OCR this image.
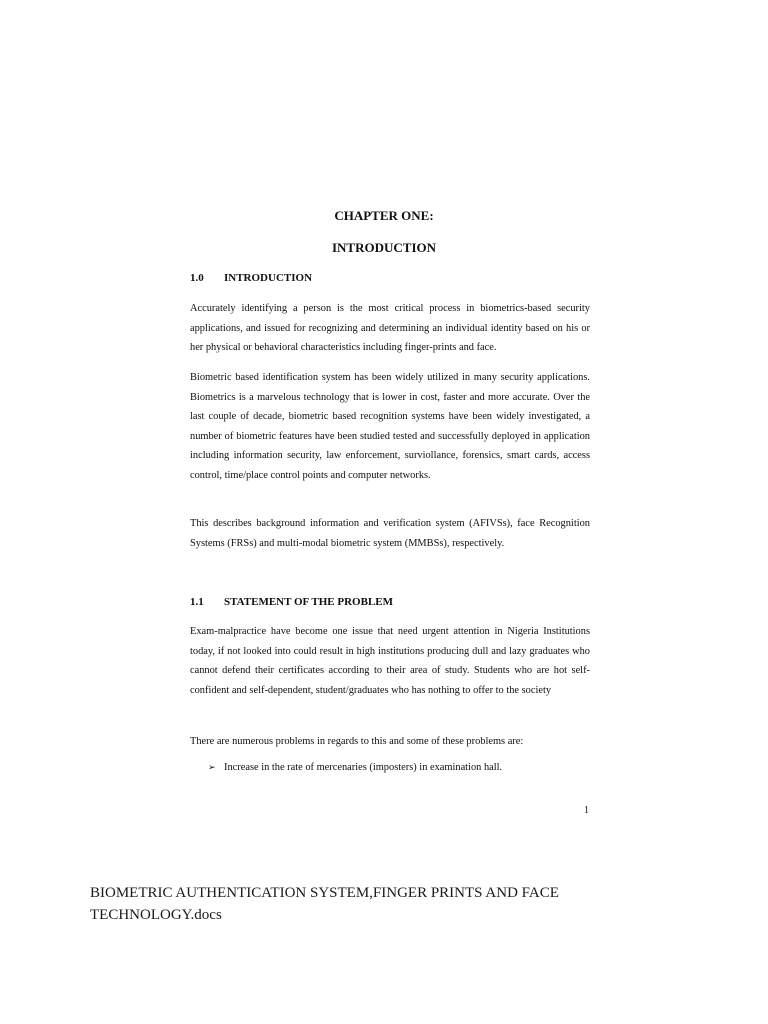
CHAPTER ONE:
INTRODUCTION
1.0 INTRODUCTION

Accurately identifying a person is the most critical process in biometrics-based security applications, and issued for recognizing and determining an individual identity based on his or her physical or behavioral characteristics including finger-prints and face.

Biometric based identification system has been widely utilized in many security applications. Biometrics is a marvelous technology that is lower in cost, faster and more accurate. Over the last couple of decade, biometric based recognition systems have been widely investigated, a number of biometric features have been studied tested and successfully deployed in application including information security, law enforcement, surviollance, forensics, smart cards, access control, time/place control points and computer networks.

This describes background information and verification system (AFIVSs), face Recognition Systems (FRSs) and multi-modal biometric system (MMBSs), respectively.

1.1 STATEMENT OF THE PROBLEM

Exam-malpractice have become one issue that need urgent attention in Nigeria Institutions today, if not looked into could result in high institutions producing dull and lazy graduates who cannot defend their certificates according to their area of study. Students who are hot self-confident and self-dependent, student/graduates who has nothing to offer to the society

There are numerous problems in regards to this and some of these problems are:

➢ Increase in the rate of mercenaries (imposters) in examination hall.
1
BIOMETRIC AUTHENTICATION SYSTEM,FINGER PRINTS AND FACE
TECHNOLOGY.docs
